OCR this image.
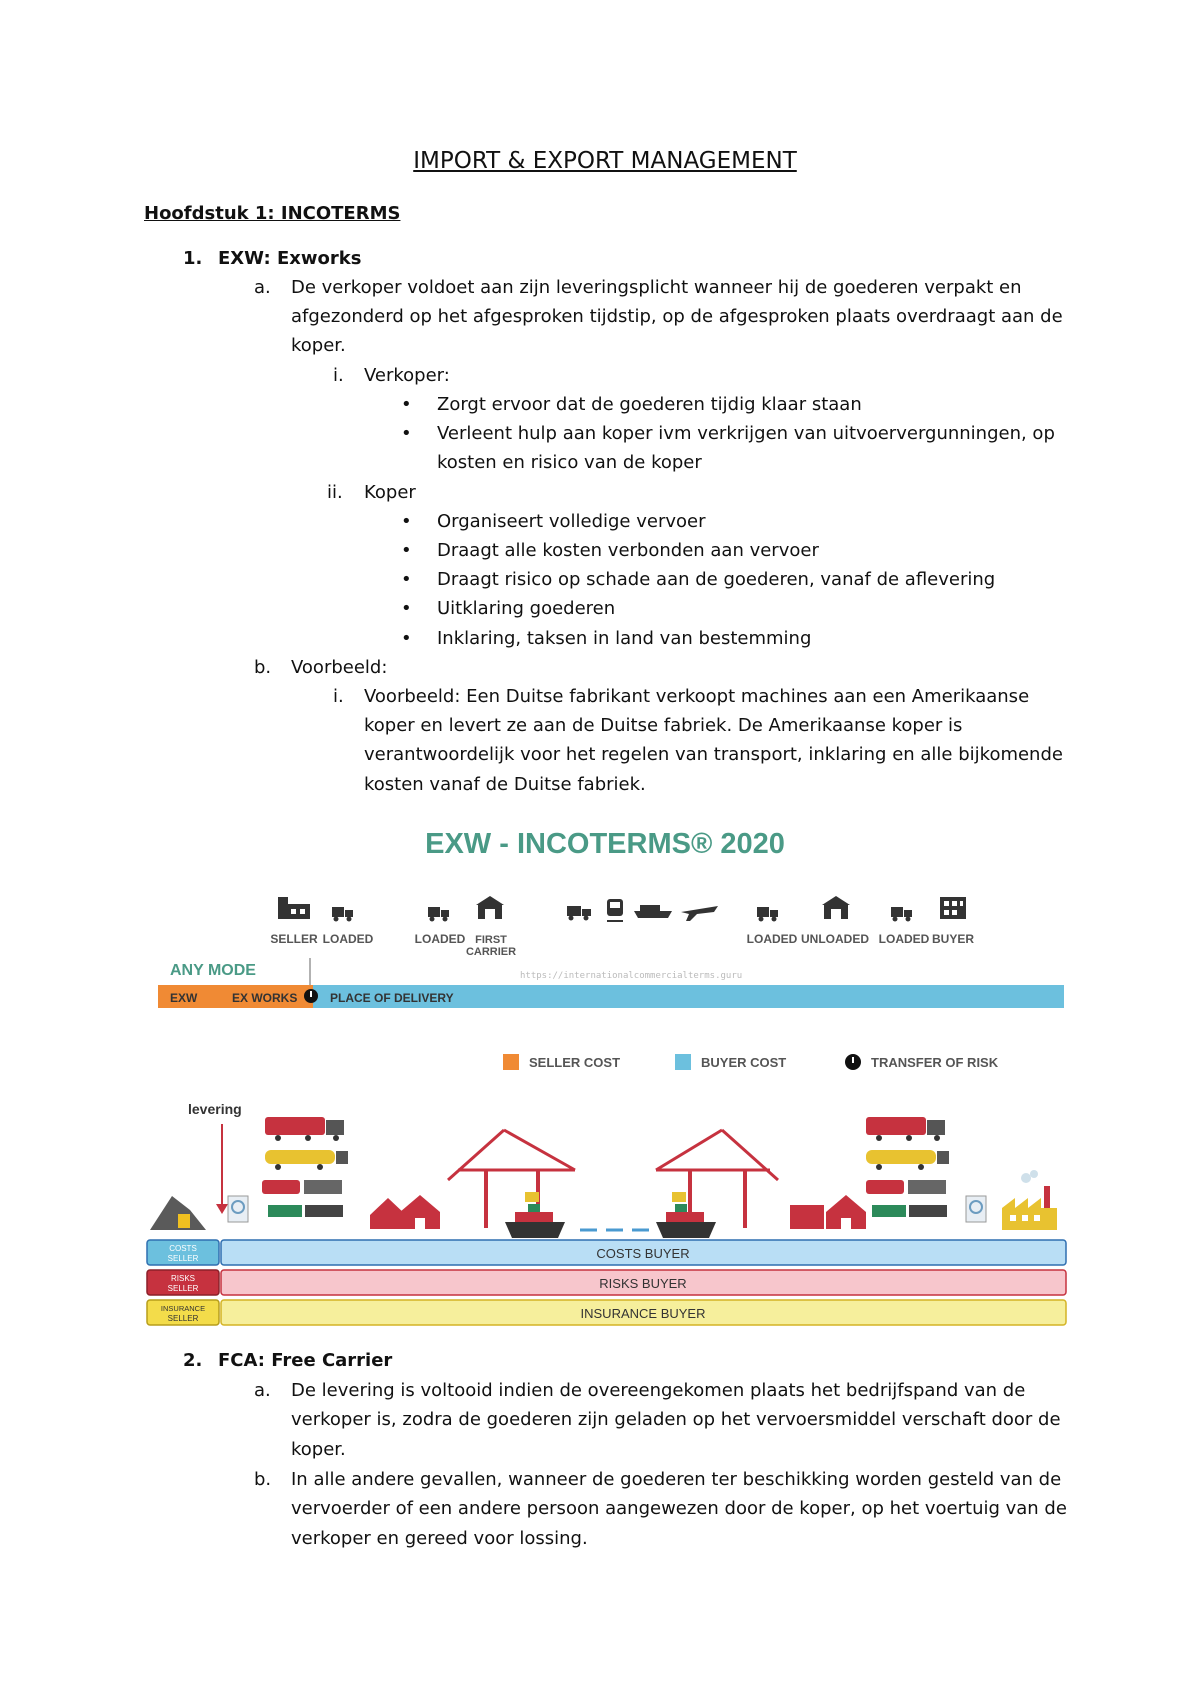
IMPORT & EXPORT MANAGEMENT
Hoofdstuk 1: INCOTERMS
1. EXW: Exworks
a. De verkoper voldoet aan zijn leveringsplicht wanneer hij de goederen verpakt en
afgezonderd op het afgesproken tijdstip, op de afgesproken plaats overdraagt aan de
koper.
i. Verkoper:
• Zorgt ervoor dat de goederen tijdig klaar staan
• Verleent hulp aan koper ivm verkrijgen van uitvoervergunningen, op
kosten en risico van de koper
ii. Koper
• Organiseert volledige vervoer
• Draagt alle kosten verbonden aan vervoer
• Draagt risico op schade aan de goederen, vanaf de aflevering
• Uitklaring goederen
• Inklaring, taksen in land van bestemming
b. Voorbeeld:
i. Voorbeeld: Een Duitse fabrikant verkoopt machines aan een Amerikaanse
koper en levert ze aan de Duitse fabriek. De Amerikaanse koper is
verantwoordelijk voor het regelen van transport, inklaring en alle bijkomende
kosten vanaf de Duitse fabriek.
EXW - INCOTERMS® 2020
SELLER LOADED	LOADED FIRST
CARRIER
LOADED UNLOADED LOADED BUYER
ANY MODE	https://internationalcommercialterms.guru
EXW	EX WORKS	PLACE OF DELIVERY
SELLER COST	BUYER COST	TRANSFER OF RISK
levering
COSTS
SELLER	COSTS BUYER
RISKS
SELLER	RISKS BUYER
INSURANCE
SELLER	INSURANCE BUYER
2. FCA: Free Carrier
a. De levering is voltooid indien de overeengekomen plaats het bedrijfspand van de
verkoper is, zodra de goederen zijn geladen op het vervoersmiddel verschaft door de
koper.
b. In alle andere gevallen, wanneer de goederen ter beschikking worden gesteld van de
vervoerder of een andere persoon aangewezen door de koper, op het voertuig van de
verkoper en gereed voor lossing.
